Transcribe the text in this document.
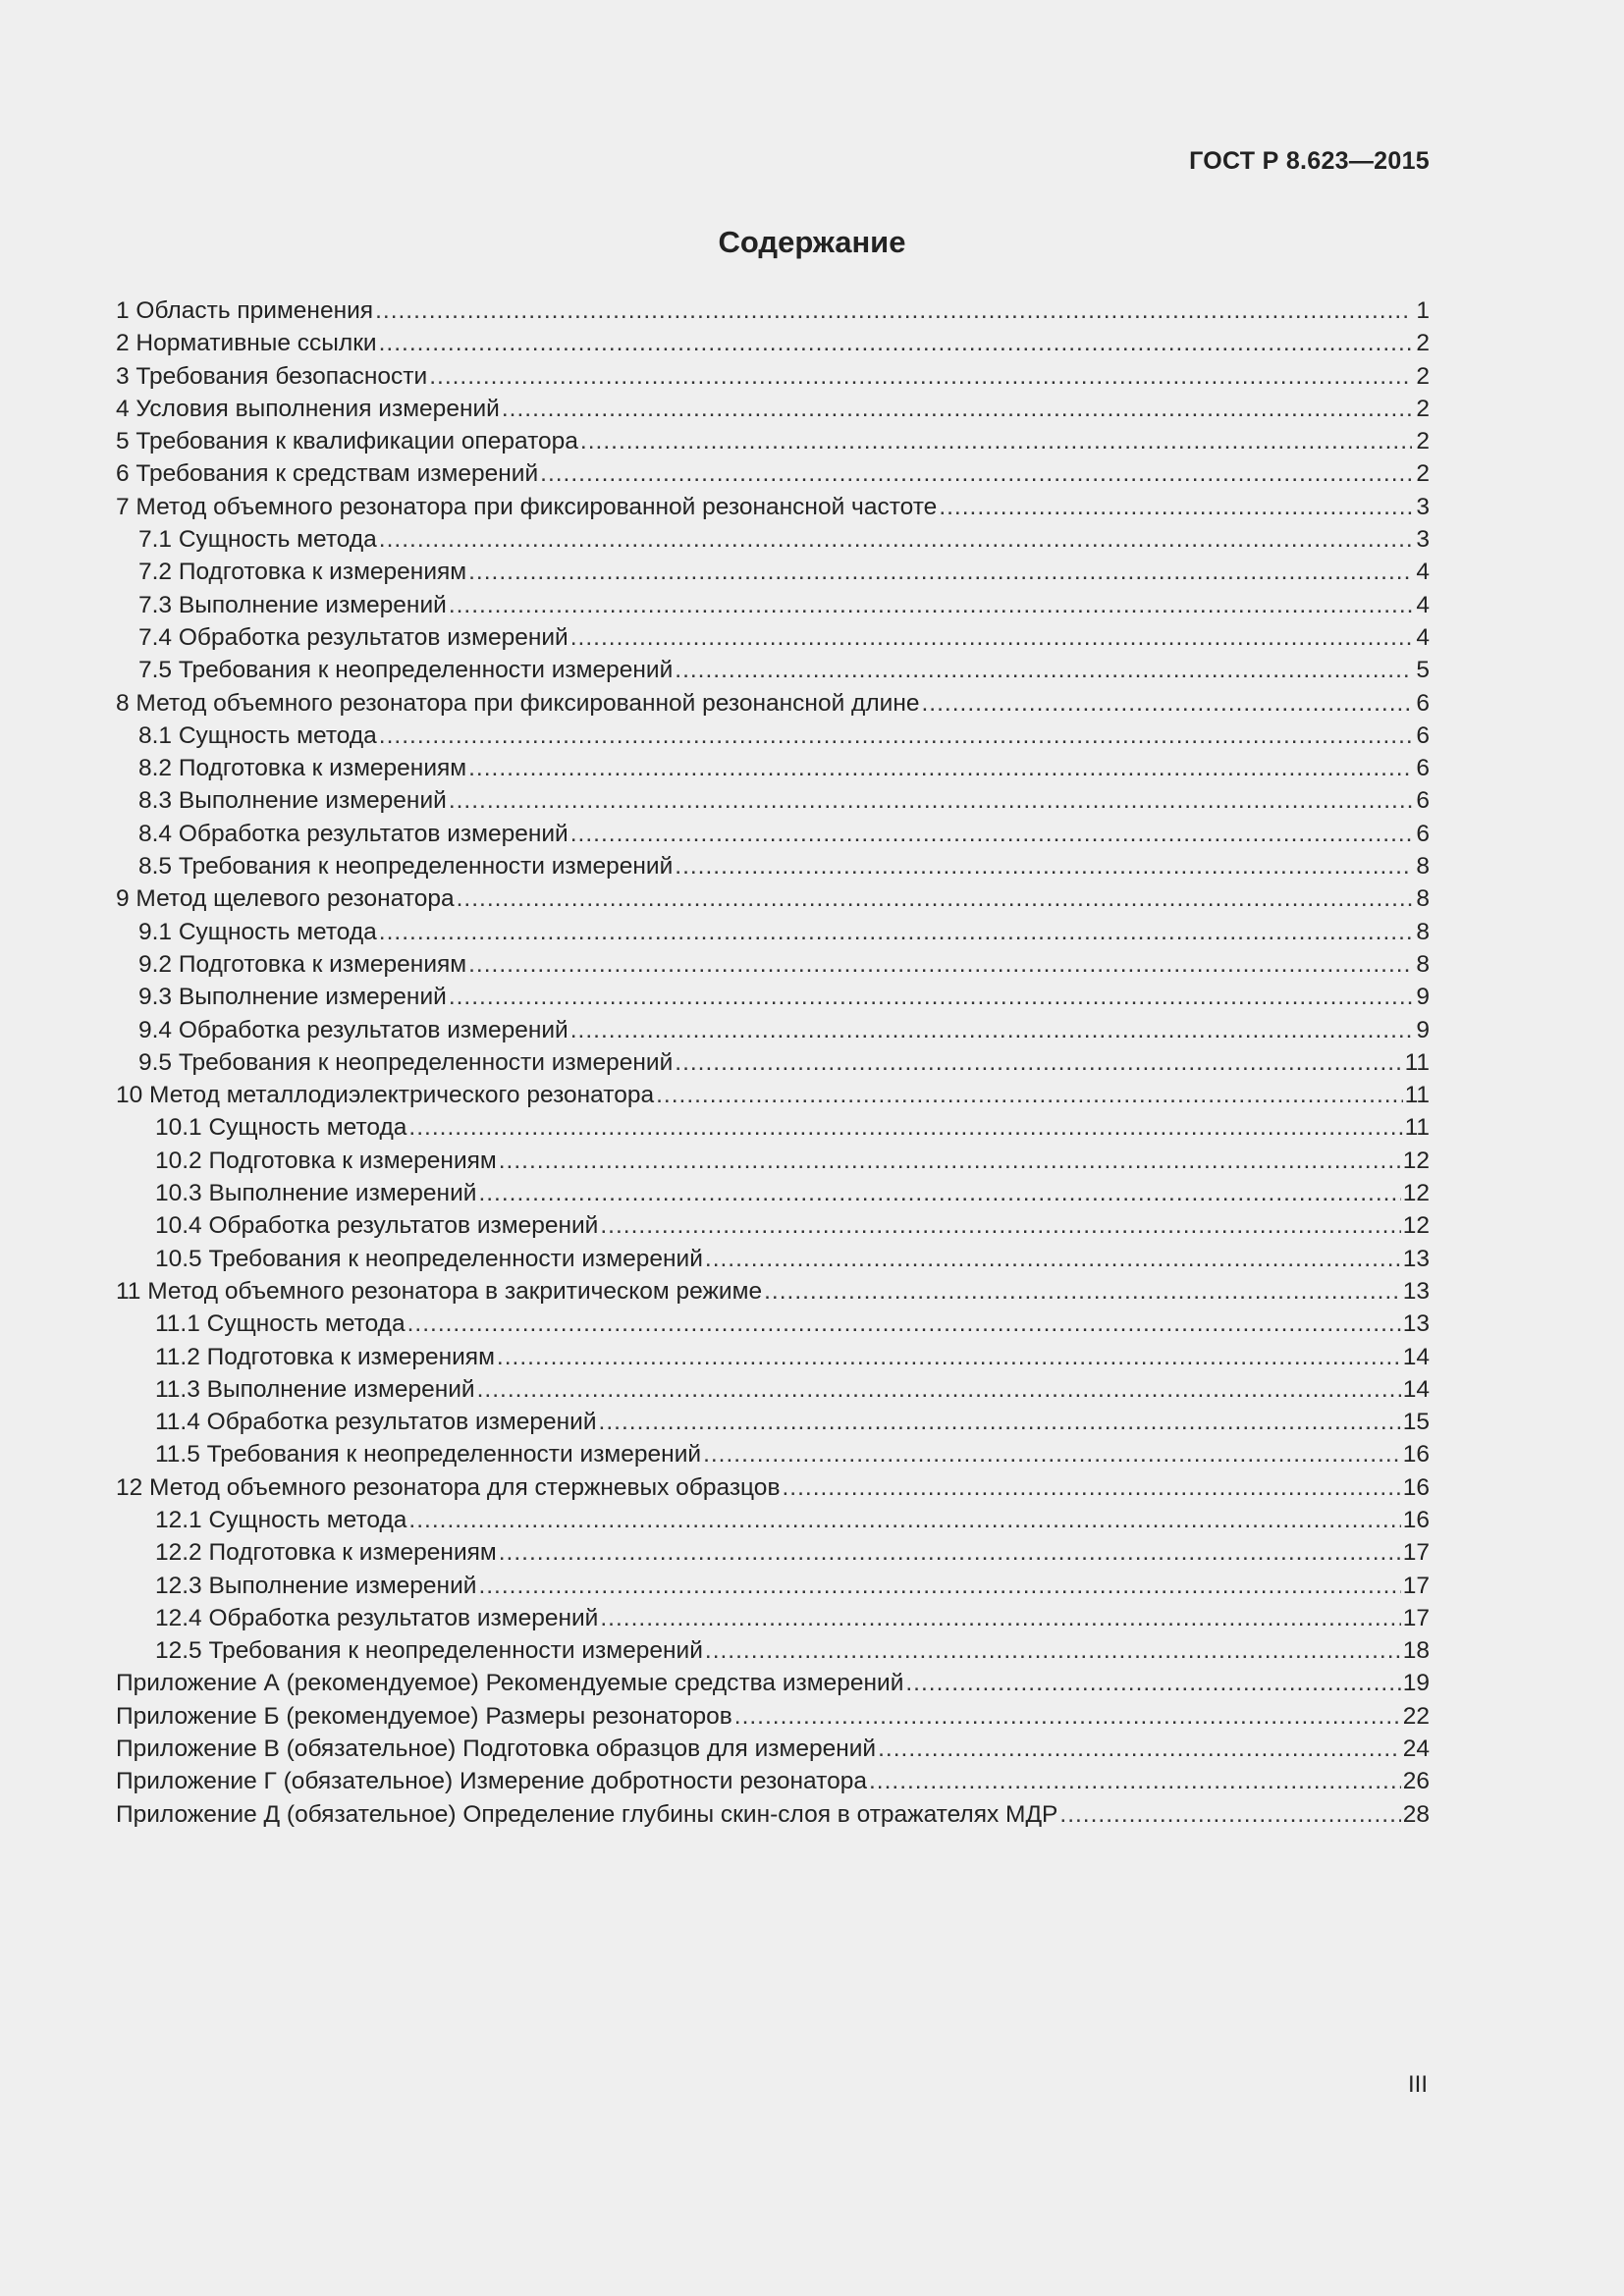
ГОСТ Р 8.623—2015
Содержание
1 Область применения .....	1
2 Нормативные ссылки .....	2
3 Требования безопасности .....	2
4 Условия выполнения измерений .....	2
5 Требования к квалификации оператора .....	2
6 Требования к средствам измерений .....	2
7 Метод объемного резонатора при фиксированной резонансной частоте .....	3
7.1 Сущность метода .....	3
7.2 Подготовка к измерениям .....	4
7.3 Выполнение измерений .....	4
7.4 Обработка результатов измерений .....	4
7.5 Требования к неопределенности измерений .....	5
8 Метод объемного резонатора при фиксированной резонансной длине .....	6
8.1 Сущность метода .....	6
8.2 Подготовка к измерениям .....	6
8.3 Выполнение измерений .....	6
8.4 Обработка результатов измерений .....	6
8.5 Требования к неопределенности измерений .....	8
9 Метод щелевого резонатора .....	8
9.1 Сущность метода .....	8
9.2 Подготовка к измерениям .....	8
9.3 Выполнение измерений .....	9
9.4 Обработка результатов измерений .....	9
9.5 Требования к неопределенности измерений .....	11
10 Метод металлодиэлектрического резонатора .....	11
10.1 Сущность метода .....	11
10.2 Подготовка к измерениям .....	12
10.3 Выполнение измерений .....	12
10.4 Обработка результатов измерений .....	12
10.5 Требования к неопределенности измерений .....	13
11 Метод объемного резонатора в закритическом режиме .....	13
11.1 Сущность метода .....	13
11.2 Подготовка к измерениям .....	14
11.3 Выполнение измерений .....	14
11.4 Обработка результатов измерений .....	15
11.5 Требования к неопределенности измерений .....	16
12 Метод объемного резонатора для стержневых образцов .....	16
12.1 Сущность метода .....	16
12.2 Подготовка к измерениям .....	17
12.3 Выполнение измерений .....	17
12.4 Обработка результатов измерений .....	17
12.5 Требования к неопределенности измерений .....	18
Приложение А (рекомендуемое) Рекомендуемые средства измерений .....	19
Приложение Б (рекомендуемое) Размеры резонаторов .....	22
Приложение В (обязательное) Подготовка образцов для измерений .....	24
Приложение Г (обязательное) Измерение добротности резонатора .....	26
Приложение Д (обязательное) Определение глубины скин-слоя в отражателях МДР .....	28
III
